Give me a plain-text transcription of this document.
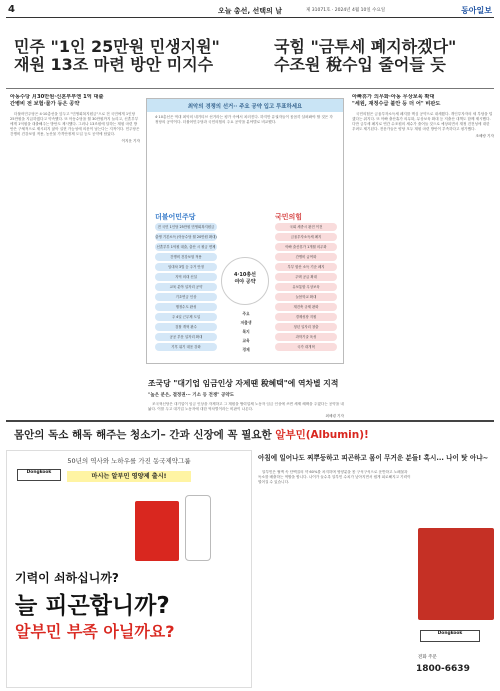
4	오늘 총선, 선택의 날	제 31071호 · 2024년 4월 10일 수요일	동아일보
민주 "1인 25만원 민생지원"
재원 13조 마련 방안 미지수
국힘 "금투세 폐지하겠다"
수조원 稅수입 줄어들 듯
아동수당 月30만원·신혼부부엔 1억 대출
간병비 전 보험·물가 등은 공약

더불어민주당은 4·10총선을 앞두고 "민생회복지원금"으로 전 국민에게 1인당 25만원을 지급하겠다고 약속했다. 또 아동수당을 월 30만원까지 늘리고, 신혼부부에게 1억원을 대출해주는 방안도 제시했다. 그러나 13조원에 달하는 재원 마련 방안은 구체적으로 제시되지 않아 실현 가능성에 의문이 남는다는 지적이다. 민주당은 간병비 건강보험 적용, 농산물 가격안정제 도입 등도 공약에 담았다.

이지운 기자
아빠휴가 의무화·아동 무상보육 확대
"세원, 재정수급 불안 등 더 어" 비판도

국민의힘은 금융투자소득세 폐지를 핵심 공약으로 내세웠다. 개인투자자의 세 부담을 덜겠다는 취지다. 또 아빠 출산휴가 의무화, 무상보육 확대 등 저출산 대책도 함께 제시했다. 다만 금투세 폐지로 연간 수조원의 세수가 줄어들 것으로 예상되면서 재정 건전성에 대한 우려도 제기된다. 전문가들은 양당 모두 재원 마련 방안이 부족하다고 평가했다.

조혜랑 기자
최악의 경쟁의 선거·· 주요 공약 입고 투표하세요
4·10총선은 역대 최악의 네거티브 선거라는 평가 속에서 치러진다. 하지만 유권자들이 꼼꼼히 살펴봐야 할 것은 각 정당의 공약이다. 더불어민주당과 국민의힘의 주요 공약을 분야별로 비교했다.
더불어민주당	국민의힘
전 국민 1인당 25만원 민생회복지원금
출생 기본소득 (아동수당 월 20만원 확대)
신혼부부 1억원 대출, 출산 시 원금 면제
간병비 건강보험 적용
임대차 3법 등 주거 안정
지역 의대 신설
교육 분야 일자리 공약
기초연금 인상
행정수도 완성
주 4일 근무제 도입
검찰 개혁 완수
공공 부문 일자리 확대
기후 위기 대응 강화
국회 세종시 완전 이전
금융투자소득세 폐지
아빠 출산휴가 1개월 의무화
간병비 급여화
부부 합산 소득 기준 폐지
주택 공급 확대
유보통합 무상보육
늘봄학교 확대
재건축 규제 완화
경제성장 지원
청년 일자리 창출
과학기술 육성
국가 대개혁
주요
저출생
복지
교육
경제
4·10총선
여야 공약
조국당 "대기업 임금인상 자제땐 稅혜택"에 역차별 지적
"높은 분은, 결정권··· 기소 등 전쟁" 공약도

조국혁신당은 대기업이 임금 인상을 자제하고 그 재원을 협력업체 노동자 임금 인상에 쓰면 세제 혜택을 주겠다는 공약을 내놨다. 이를 두고 대기업 노동자에 대한 역차별이라는 비판이 나온다.

최혜령 기자
몸안의 독소 해독 해주는 청소기– 간과 신장에 꼭 필요한 알부민(Albumin)!
50년의 역사와 노하우를 가진 동국제약그룹
Dongkook
마시는 알부민 영양제 출시!
기력이 쇠하십니까?
늘 피곤합니까?
알부민 부족 아닐까요?
아침에 일어나도 찌뿌둥하고 피곤하고 몸이 무거운 분들! 혹시... 나이 탓 아냐~

알부민은 혈액 속 단백질의 약 60%를 차지하며 영양분을 몸 구석구석으로 운반하고 노폐물과 독소를 배출하는 역할을 합니다. 나이가 들수록 알부민 수치가 낮아지면서 쉽게 피로해지고 기력이 떨어질 수 있습니다.

Dongkook
전화 주문
1800-6639
